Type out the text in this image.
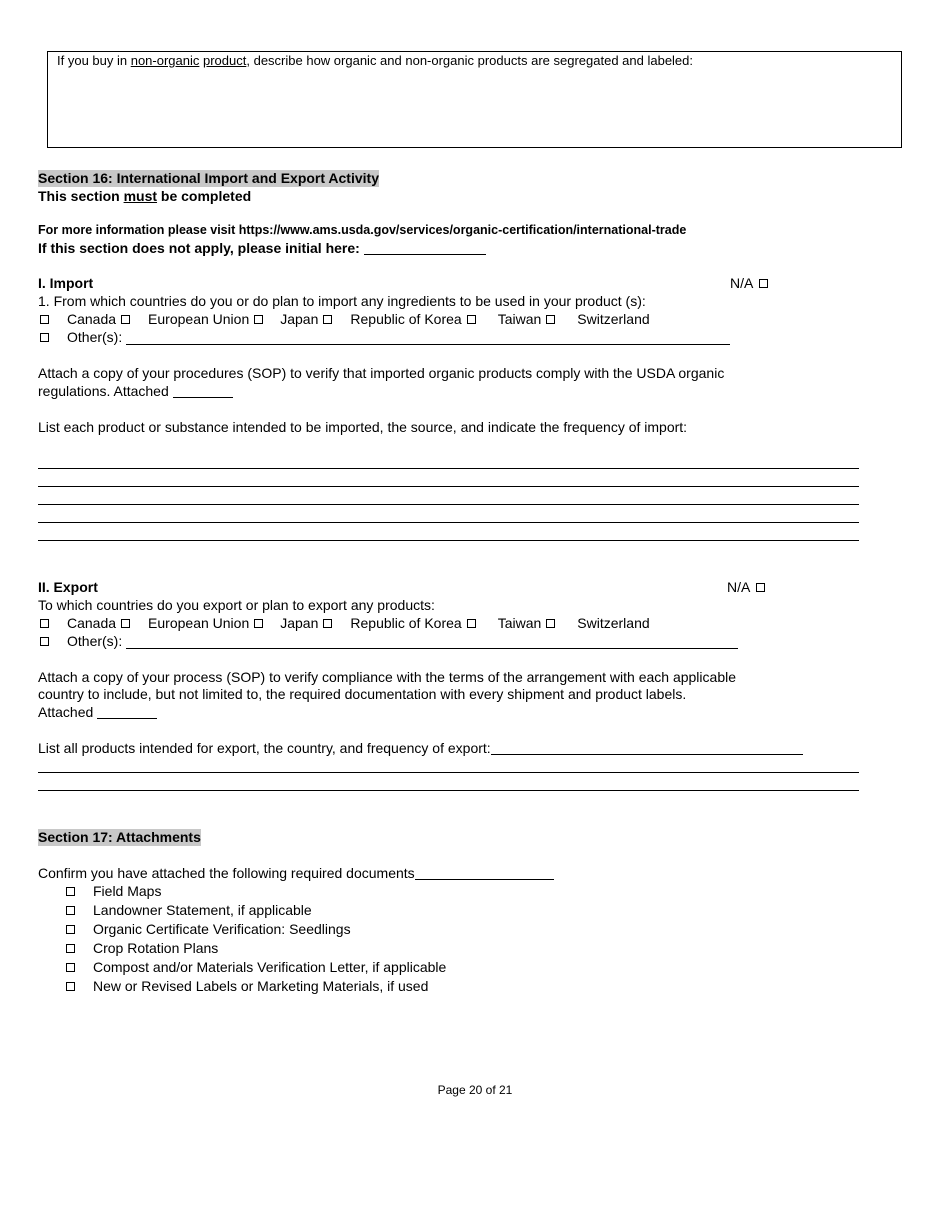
If you buy in non-organic product, describe how organic and non-organic products are segregated and labeled:
Section 16: International Import and Export Activity
This section must be completed
For more information please visit https://www.ams.usda.gov/services/organic-certification/international-trade
If this section does not apply, please initial here:
I. Import	N/A
1. From which countries do you or do plan to import any ingredients to be used in your product (s):
Canada European Union Japan Republic of Korea	Taiwan	Switzerland
Other(s):
Attach a copy of your procedures (SOP) to verify that imported organic products comply with the USDA organic
regulations. Attached
List each product or substance intended to be imported, the source, and indicate the frequency of import:
II. Export	N/A
To which countries do you export or plan to export any products:
Canada European Union Japan Republic of Korea	Taiwan	Switzerland
Other(s):
Attach a copy of your process (SOP) to verify compliance with the terms of the arrangement with each applicable
country to include, but not limited to, the required documentation with every shipment and product labels.
Attached
List all products intended for export, the country, and frequency of export:
Section 17: Attachments
Confirm you have attached the following required documents
Field Maps
Landowner Statement, if applicable
Organic Certificate Verification: Seedlings
Crop Rotation Plans
Compost and/or Materials Verification Letter, if applicable
New or Revised Labels or Marketing Materials, if used
Page 20 of 21
